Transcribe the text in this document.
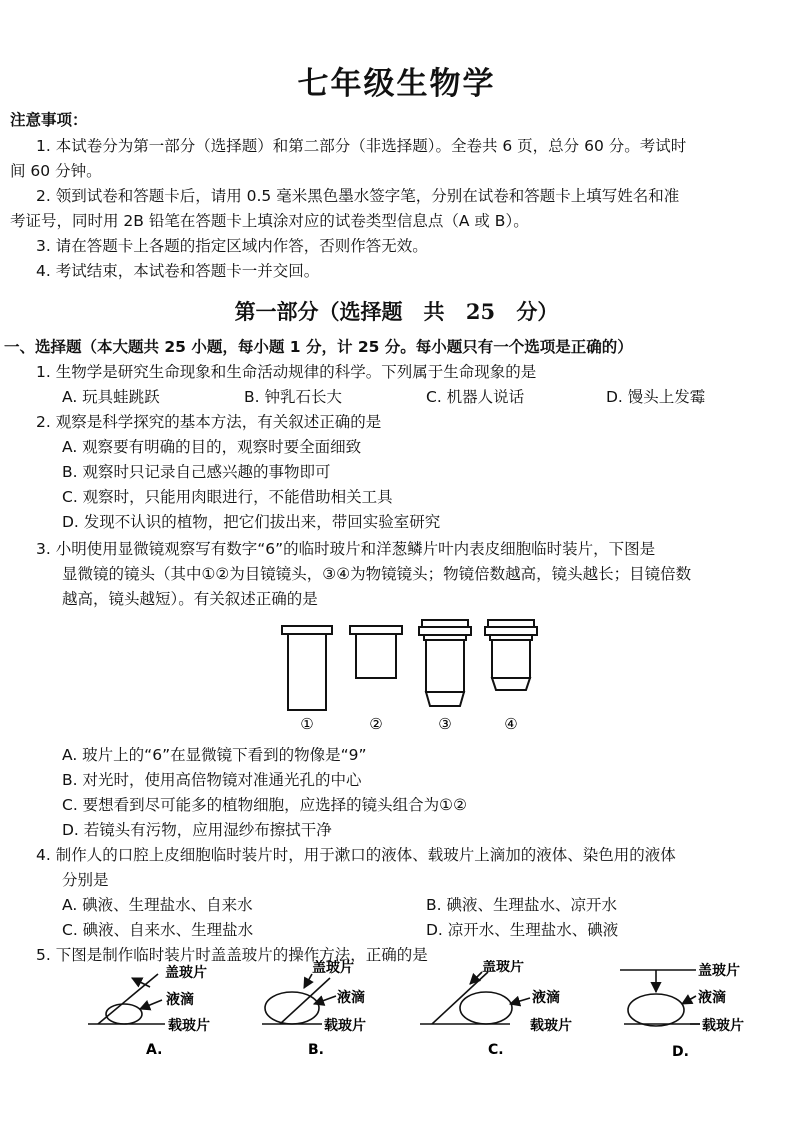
七年级生物学
注意事项：
1. 本试卷分为第一部分（选择题）和第二部分（非选择题）。全卷共 6 页，总分 60 分。考试时
间 60 分钟。
2. 领到试卷和答题卡后，请用 0.5 毫米黑色墨水签字笔，分别在试卷和答题卡上填写姓名和准
考证号，同时用 2B 铅笔在答题卡上填涂对应的试卷类型信息点（A 或 B）。
3. 请在答题卡上各题的指定区域内作答，否则作答无效。
4. 考试结束，本试卷和答题卡一并交回。
第一部分（选择题　共 25 分）
一、选择题（本大题共 25 小题，每小题 1 分，计 25 分。每小题只有一个选项是正确的）
1. 生物学是研究生命现象和生命活动规律的科学。下列属于生命现象的是
A. 玩具蛙跳跃	B. 钟乳石长大	C. 机器人说话	D. 馒头上发霉
2. 观察是科学探究的基本方法，有关叙述正确的是
A. 观察要有明确的目的，观察时要全面细致
B. 观察时只记录自己感兴趣的事物即可
C. 观察时，只能用肉眼进行，不能借助相关工具
D. 发现不认识的植物，把它们拔出来，带回实验室研究
3. 小明使用显微镜观察写有数字“6”的临时玻片和洋葱鳞片叶内表皮细胞临时装片，下图是
显微镜的镜头（其中①②为目镜镜头，③④为物镜镜头；物镜倍数越高，镜头越长；目镜倍数
越高，镜头越短）。有关叙述正确的是
①	②	③	④
A. 玻片上的“6”在显微镜下看到的物像是“9”
B. 对光时，使用高倍物镜对准通光孔的中心
C. 要想看到尽可能多的植物细胞，应选择的镜头组合为①②
D. 若镜头有污物，应用湿纱布擦拭干净
4. 制作人的口腔上皮细胞临时装片时，用于漱口的液体、载玻片上滴加的液体、染色用的液体
分别是
A. 碘液、生理盐水、自来水	B. 碘液、生理盐水、凉开水
C. 碘液、自来水、生理盐水	D. 凉开水、生理盐水、碘液
5. 下图是制作临时装片时盖盖玻片的操作方法，正确的是
盖玻片
液滴
载玻片
A.
盖玻片
液滴
载玻片
B.
盖玻片
液滴
载玻片
C.
盖玻片
液滴
载玻片
D.
